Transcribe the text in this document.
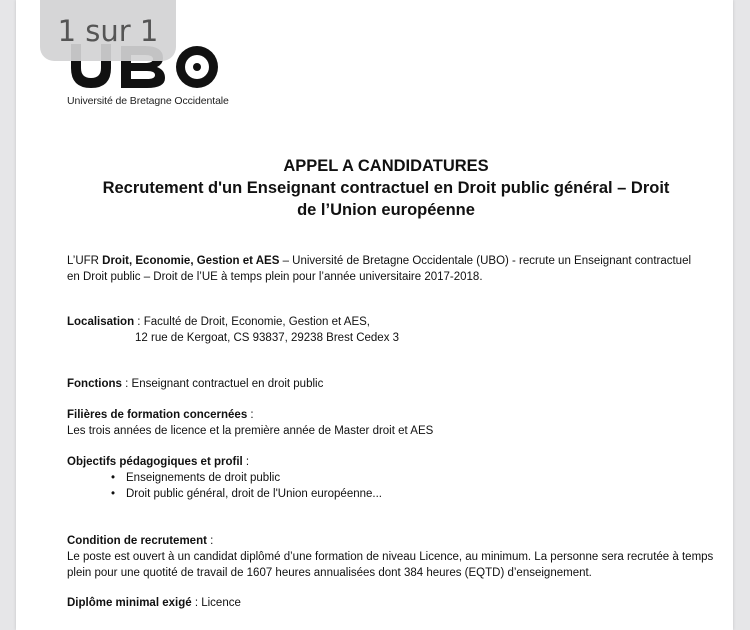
Université de Bretagne Occidentale
APPEL A CANDIDATURES
Recrutement d'un Enseignant contractuel en Droit public général – Droit
de l’Union européenne
L’UFR Droit, Economie, Gestion et AES – Université de Bretagne Occidentale (UBO) - recrute un Enseignant contractuel
en Droit public – Droit de l’UE à temps plein pour l’année universitaire 2017-2018.
Localisation : Faculté de Droit, Economie, Gestion et AES,
12 rue de Kergoat, CS 93837, 29238 Brest Cedex 3
Fonctions : Enseignant contractuel en droit public
Filières de formation concernées :
Les trois années de licence et la première année de Master droit et AES
Objectifs pédagogiques et profil :
• Enseignements de droit public
• Droit public général, droit de l'Union européenne...
Condition de recrutement :
Le poste est ouvert à un candidat diplômé d’une formation de niveau Licence, au minimum. La personne sera recrutée à temps
plein pour une quotité de travail de 1607 heures annualisées dont 384 heures (EQTD) d’enseignement.
Diplôme minimal exigé : Licence
1 sur 1
